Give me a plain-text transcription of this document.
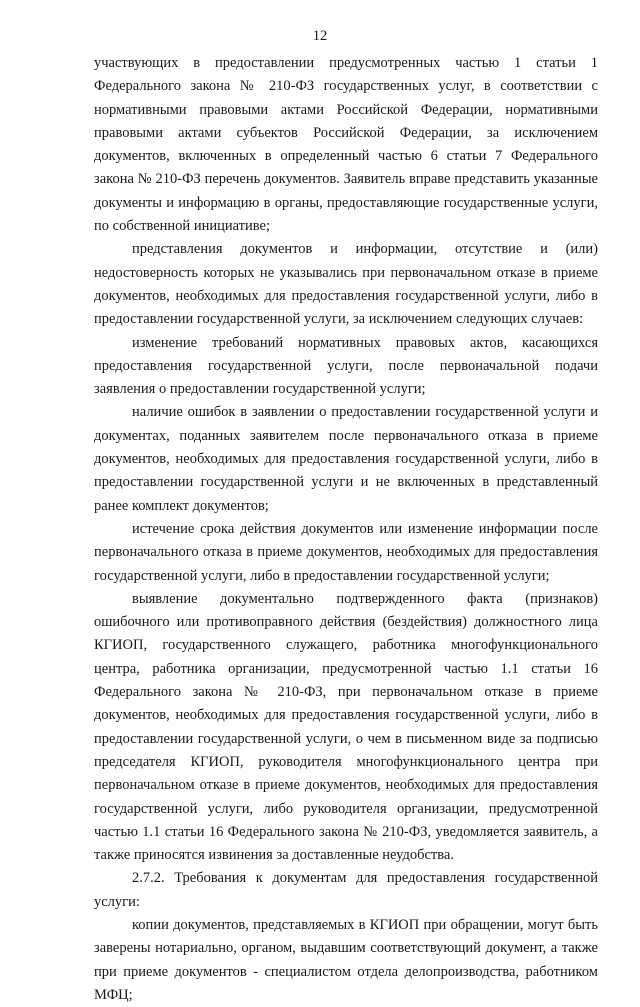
12

участвующих в предоставлении предусмотренных частью 1 статьи 1 Федерального закона № 210-ФЗ государственных услуг, в соответствии с нормативными правовыми актами Российской Федерации, нормативными правовыми актами субъектов Российской Федерации, за исключением документов, включенных в определенный частью 6 статьи 7 Федерального закона № 210-ФЗ перечень документов. Заявитель вправе представить указанные документы и информацию в органы, предоставляющие государственные услуги, по собственной инициативе;

представления документов и информации, отсутствие и (или) недостоверность которых не указывались при первоначальном отказе в приеме документов, необходимых для предоставления государственной услуги, либо в предоставлении государственной услуги, за исключением следующих случаев:

изменение требований нормативных правовых актов, касающихся предоставления государственной услуги, после первоначальной подачи заявления о предоставлении государственной услуги;

наличие ошибок в заявлении о предоставлении государственной услуги и документах, поданных заявителем после первоначального отказа в приеме документов, необходимых для предоставления государственной услуги, либо в предоставлении государственной услуги и не включенных в представленный ранее комплект документов;

истечение срока действия документов или изменение информации после первоначального отказа в приеме документов, необходимых для предоставления государственной услуги, либо в предоставлении государственной услуги;

выявление документально подтвержденного факта (признаков) ошибочного или противоправного действия (бездействия) должностного лица КГИОП, государственного служащего, работника многофункционального центра, работника организации, предусмотренной частью 1.1 статьи 16 Федерального закона № 210-ФЗ, при первоначальном отказе в приеме документов, необходимых для предоставления государственной услуги, либо в предоставлении государственной услуги, о чем в письменном виде за подписью председателя КГИОП, руководителя многофункционального центра при первоначальном отказе в приеме документов, необходимых для предоставления государственной услуги, либо руководителя организации, предусмотренной частью 1.1 статьи 16 Федерального закона № 210-ФЗ, уведомляется заявитель, а также приносятся извинения за доставленные неудобства.

2.7.2. Требования к документам для предоставления государственной услуги:

копии документов, представляемых в КГИОП при обращении, могут быть заверены нотариально, органом, выдавшим соответствующий документ, а также при приеме документов - специалистом отдела делопроизводства, работником МФЦ;
